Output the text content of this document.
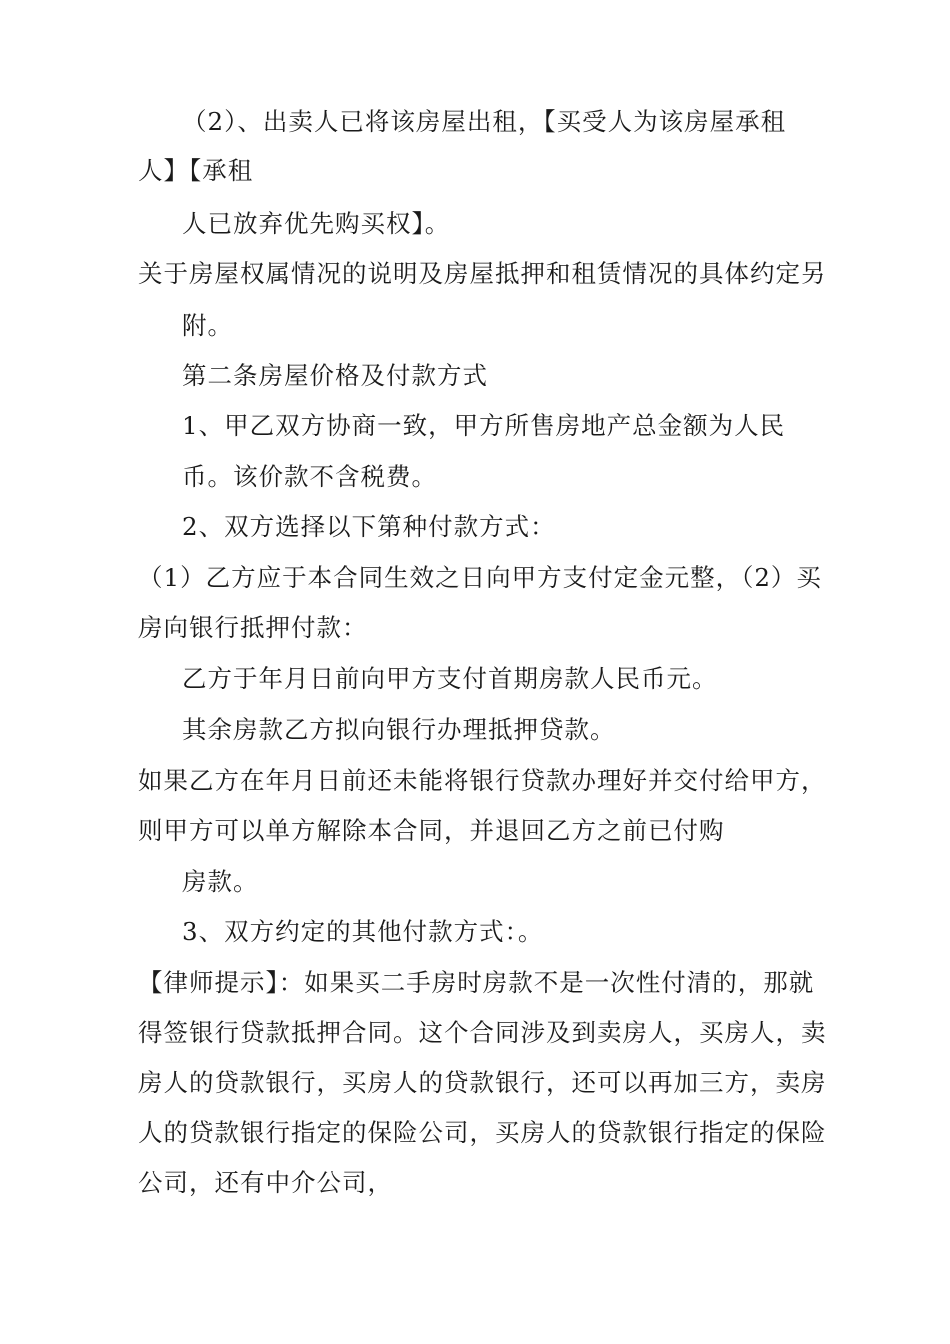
（2）、出卖人已将该房屋出租，【买受人为该房屋承租
人】【承租
人已放弃优先购买权】。
关于房屋权属情况的说明及房屋抵押和租赁情况的具体约定另
附。
第二条房屋价格及付款方式
1、甲乙双方协商一致，甲方所售房地产总金额为人民
币。该价款不含税费。
2、双方选择以下第种付款方式：
（1）乙方应于本合同生效之日向甲方支付定金元整，（2）买
房向银行抵押付款：
乙方于年月日前向甲方支付首期房款人民币元。
其余房款乙方拟向银行办理抵押贷款。
如果乙方在年月日前还未能将银行贷款办理好并交付给甲方，
则甲方可以单方解除本合同，并退回乙方之前已付购
房款。
3、双方约定的其他付款方式：。
【律师提示】：如果买二手房时房款不是一次性付清的，那就
得签银行贷款抵押合同。这个合同涉及到卖房人，买房人，卖
房人的贷款银行，买房人的贷款银行，还可以再加三方，卖房
人的贷款银行指定的保险公司，买房人的贷款银行指定的保险
公司，还有中介公司，
